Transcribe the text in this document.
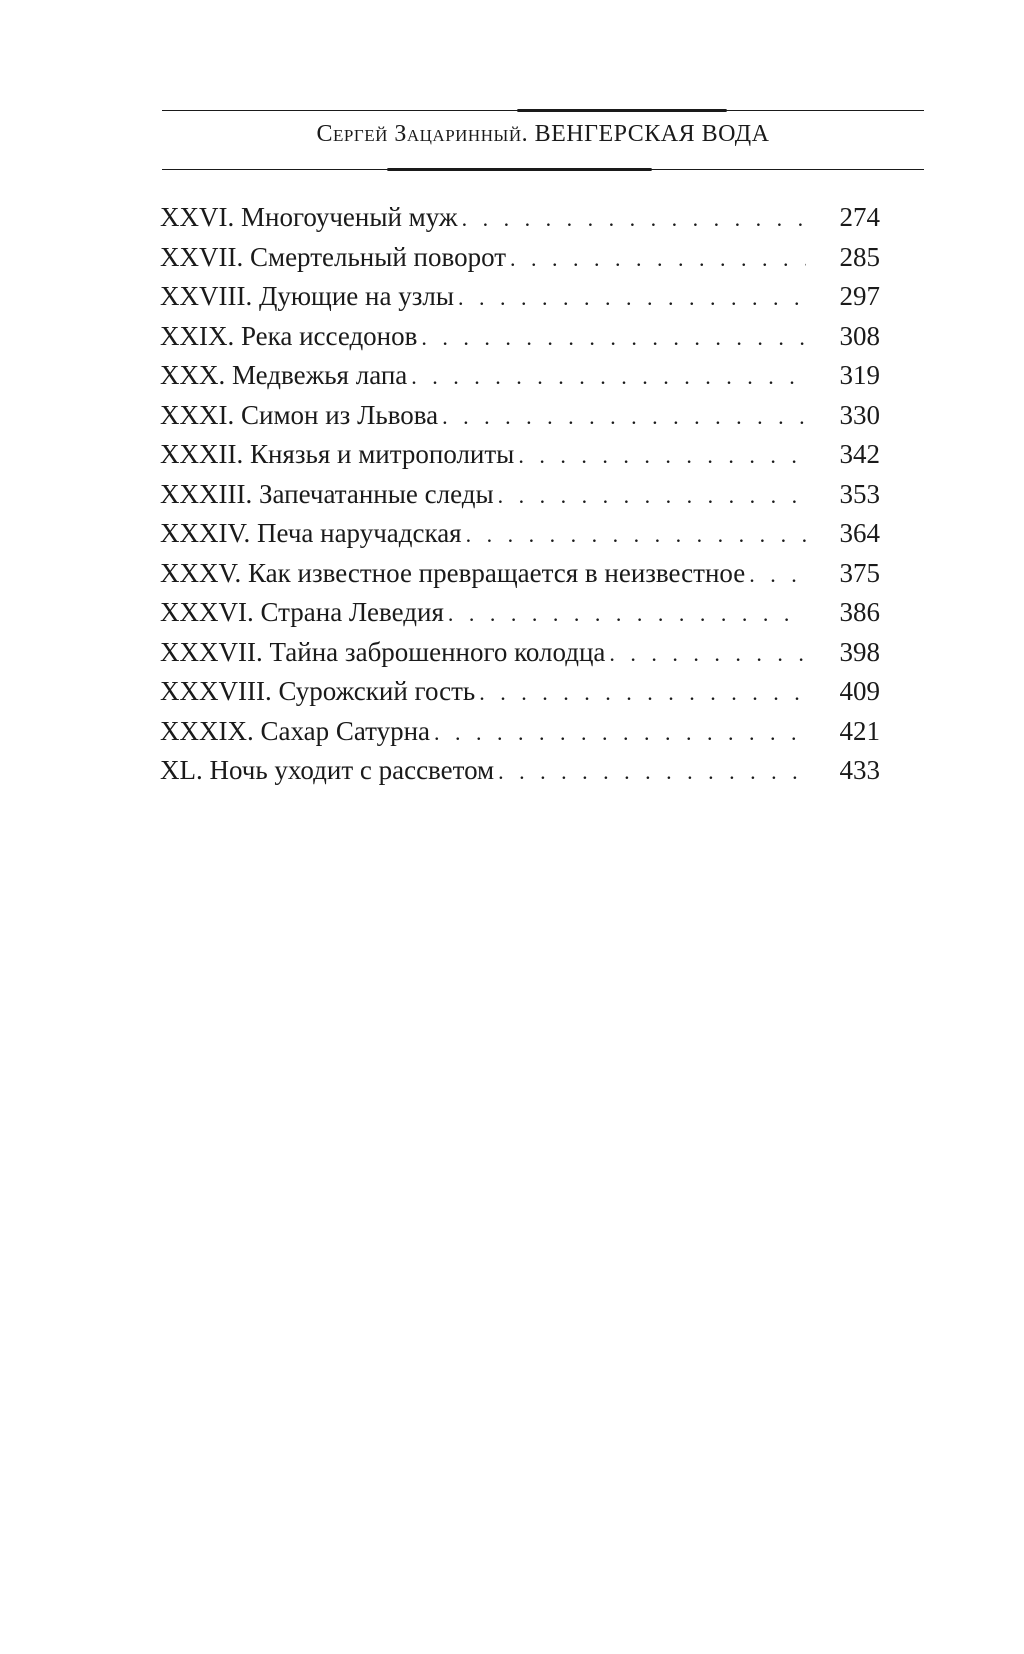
Сергей Зацаринный. ВЕНГЕРСКАЯ ВОДА
XXVI. Многоученый муж . . .	274
XXVII. Смертельный поворот . . .	285
XXVIII. Дующие на узлы . . .	297
XXIX. Река исседонов . . .	308
XXX. Медвежья лапа . . .	319
XXXI. Симон из Львова . . .	330
XXXII. Князья и митрополиты . . .	342
XXXIII. Запечатанные следы . . .	353
XXXIV. Печа наручадская . . .	364
XXXV. Как известное превращается в неизвестное . . .	375
XXXVI. Страна Леведия . . .	386
XXXVII. Тайна заброшенного колодца . . .	398
XXXVIII. Сурожский гость . . .	409
XXXIX. Сахар Сатурна . . .	421
XL. Ночь уходит с рассветом . . .	433
